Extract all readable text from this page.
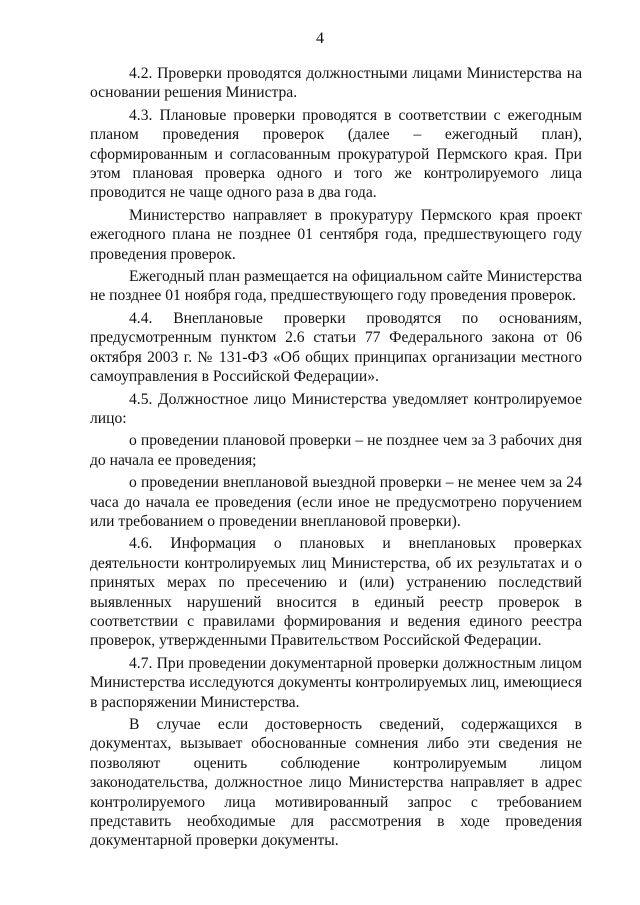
4

4.2. Проверки проводятся должностными лицами Министерства на основании решения Министра.

4.3. Плановые проверки проводятся в соответствии с ежегодным планом проведения проверок (далее – ежегодный план), сформированным и согласованным прокуратурой Пермского края. При этом плановая проверка одного и того же контролируемого лица проводится не чаще одного раза в два года.

Министерство направляет в прокуратуру Пермского края проект ежегодного плана не позднее 01 сентября года, предшествующего году проведения проверок.

Ежегодный план размещается на официальном сайте Министерства не позднее 01 ноября года, предшествующего году проведения проверок.

4.4. Внеплановые проверки проводятся по основаниям, предусмотренным пунктом 2.6 статьи 77 Федерального закона от 06 октября 2003 г. № 131-ФЗ «Об общих принципах организации местного самоуправления в Российской Федерации».

4.5. Должностное лицо Министерства уведомляет контролируемое лицо:

о проведении плановой проверки – не позднее чем за 3 рабочих дня до начала ее проведения;

о проведении внеплановой выездной проверки – не менее чем за 24 часа до начала ее проведения (если иное не предусмотрено поручением или требованием о проведении внеплановой проверки).

4.6. Информация о плановых и внеплановых проверках деятельности контролируемых лиц Министерства, об их результатах и о принятых мерах по пресечению и (или) устранению последствий выявленных нарушений вносится в единый реестр проверок в соответствии с правилами формирования и ведения единого реестра проверок, утвержденными Правительством Российской Федерации.

4.7. При проведении документарной проверки должностным лицом Министерства исследуются документы контролируемых лиц, имеющиеся в распоряжении Министерства.

В случае если достоверность сведений, содержащихся в документах, вызывает обоснованные сомнения либо эти сведения не позволяют оценить соблюдение контролируемым лицом законодательства, должностное лицо Министерства направляет в адрес контролируемого лица мотивированный запрос с требованием представить необходимые для рассмотрения в ходе проведения документарной проверки документы.
